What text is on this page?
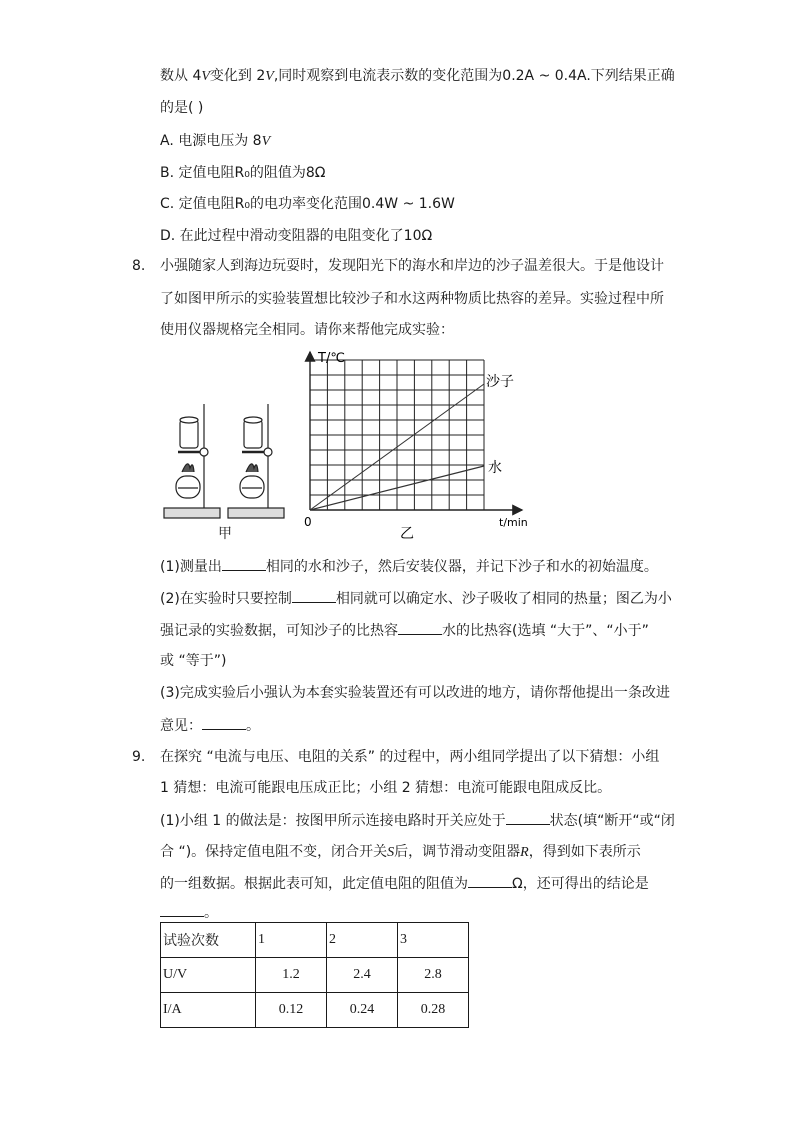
数从 4V变化到 2V,同时观察到电流表示数的变化范围为0.2A ~ 0.4A.下列结果正确
的是( )
A. 电源电压为 8V
B. 定值电阻R₀的阻值为8Ω
C. 定值电阻R₀的电功率变化范围0.4W ~ 1.6W
D. 在此过程中滑动变阻器的电阻变化了10Ω
8. 小强随家人到海边玩耍时，发现阳光下的海水和岸边的沙子温差很大。于是他设计
了如图甲所示的实验装置想比较沙子和水这两种物质比热容的差异。实验过程中所
使用仪器规格完全相同。请你来帮他完成实验：
甲
T/℃
沙子
水
0	t/min
乙
(1)测量出	相同的水和沙子，然后安装仪器，并记下沙子和水的初始温度。
(2)在实验时只要控制	相同就可以确定水、沙子吸收了相同的热量；图乙为小
强记录的实验数据，可知沙子的比热容	水的比热容(选填 “大于”、“小于”
或 “等于”)
(3)完成实验后小强认为本套实验装置还有可以改进的地方，请你帮他提出一条改进
意见：	。
9. 在探究 “电流与电压、电阻的关系” 的过程中，两小组同学提出了以下猜想：小组
1 猜想：电流可能跟电压成正比；小组 2 猜想：电流可能跟电阻成反比。
(1)小组 1 的做法是：按图甲所示连接电路时开关应处于	状态(填“断开“或“闭
合 “)。保持定值电阻不变，闭合开关S后，调节滑动变阻器R，得到如下表所示
的一组数据。根据此表可知，此定值电阻的阻值为	Ω，还可得出的结论是
。
试验次数	1	2	3
U/V	1.2	2.4	2.8
I/A	0.12	0.24	0.28
